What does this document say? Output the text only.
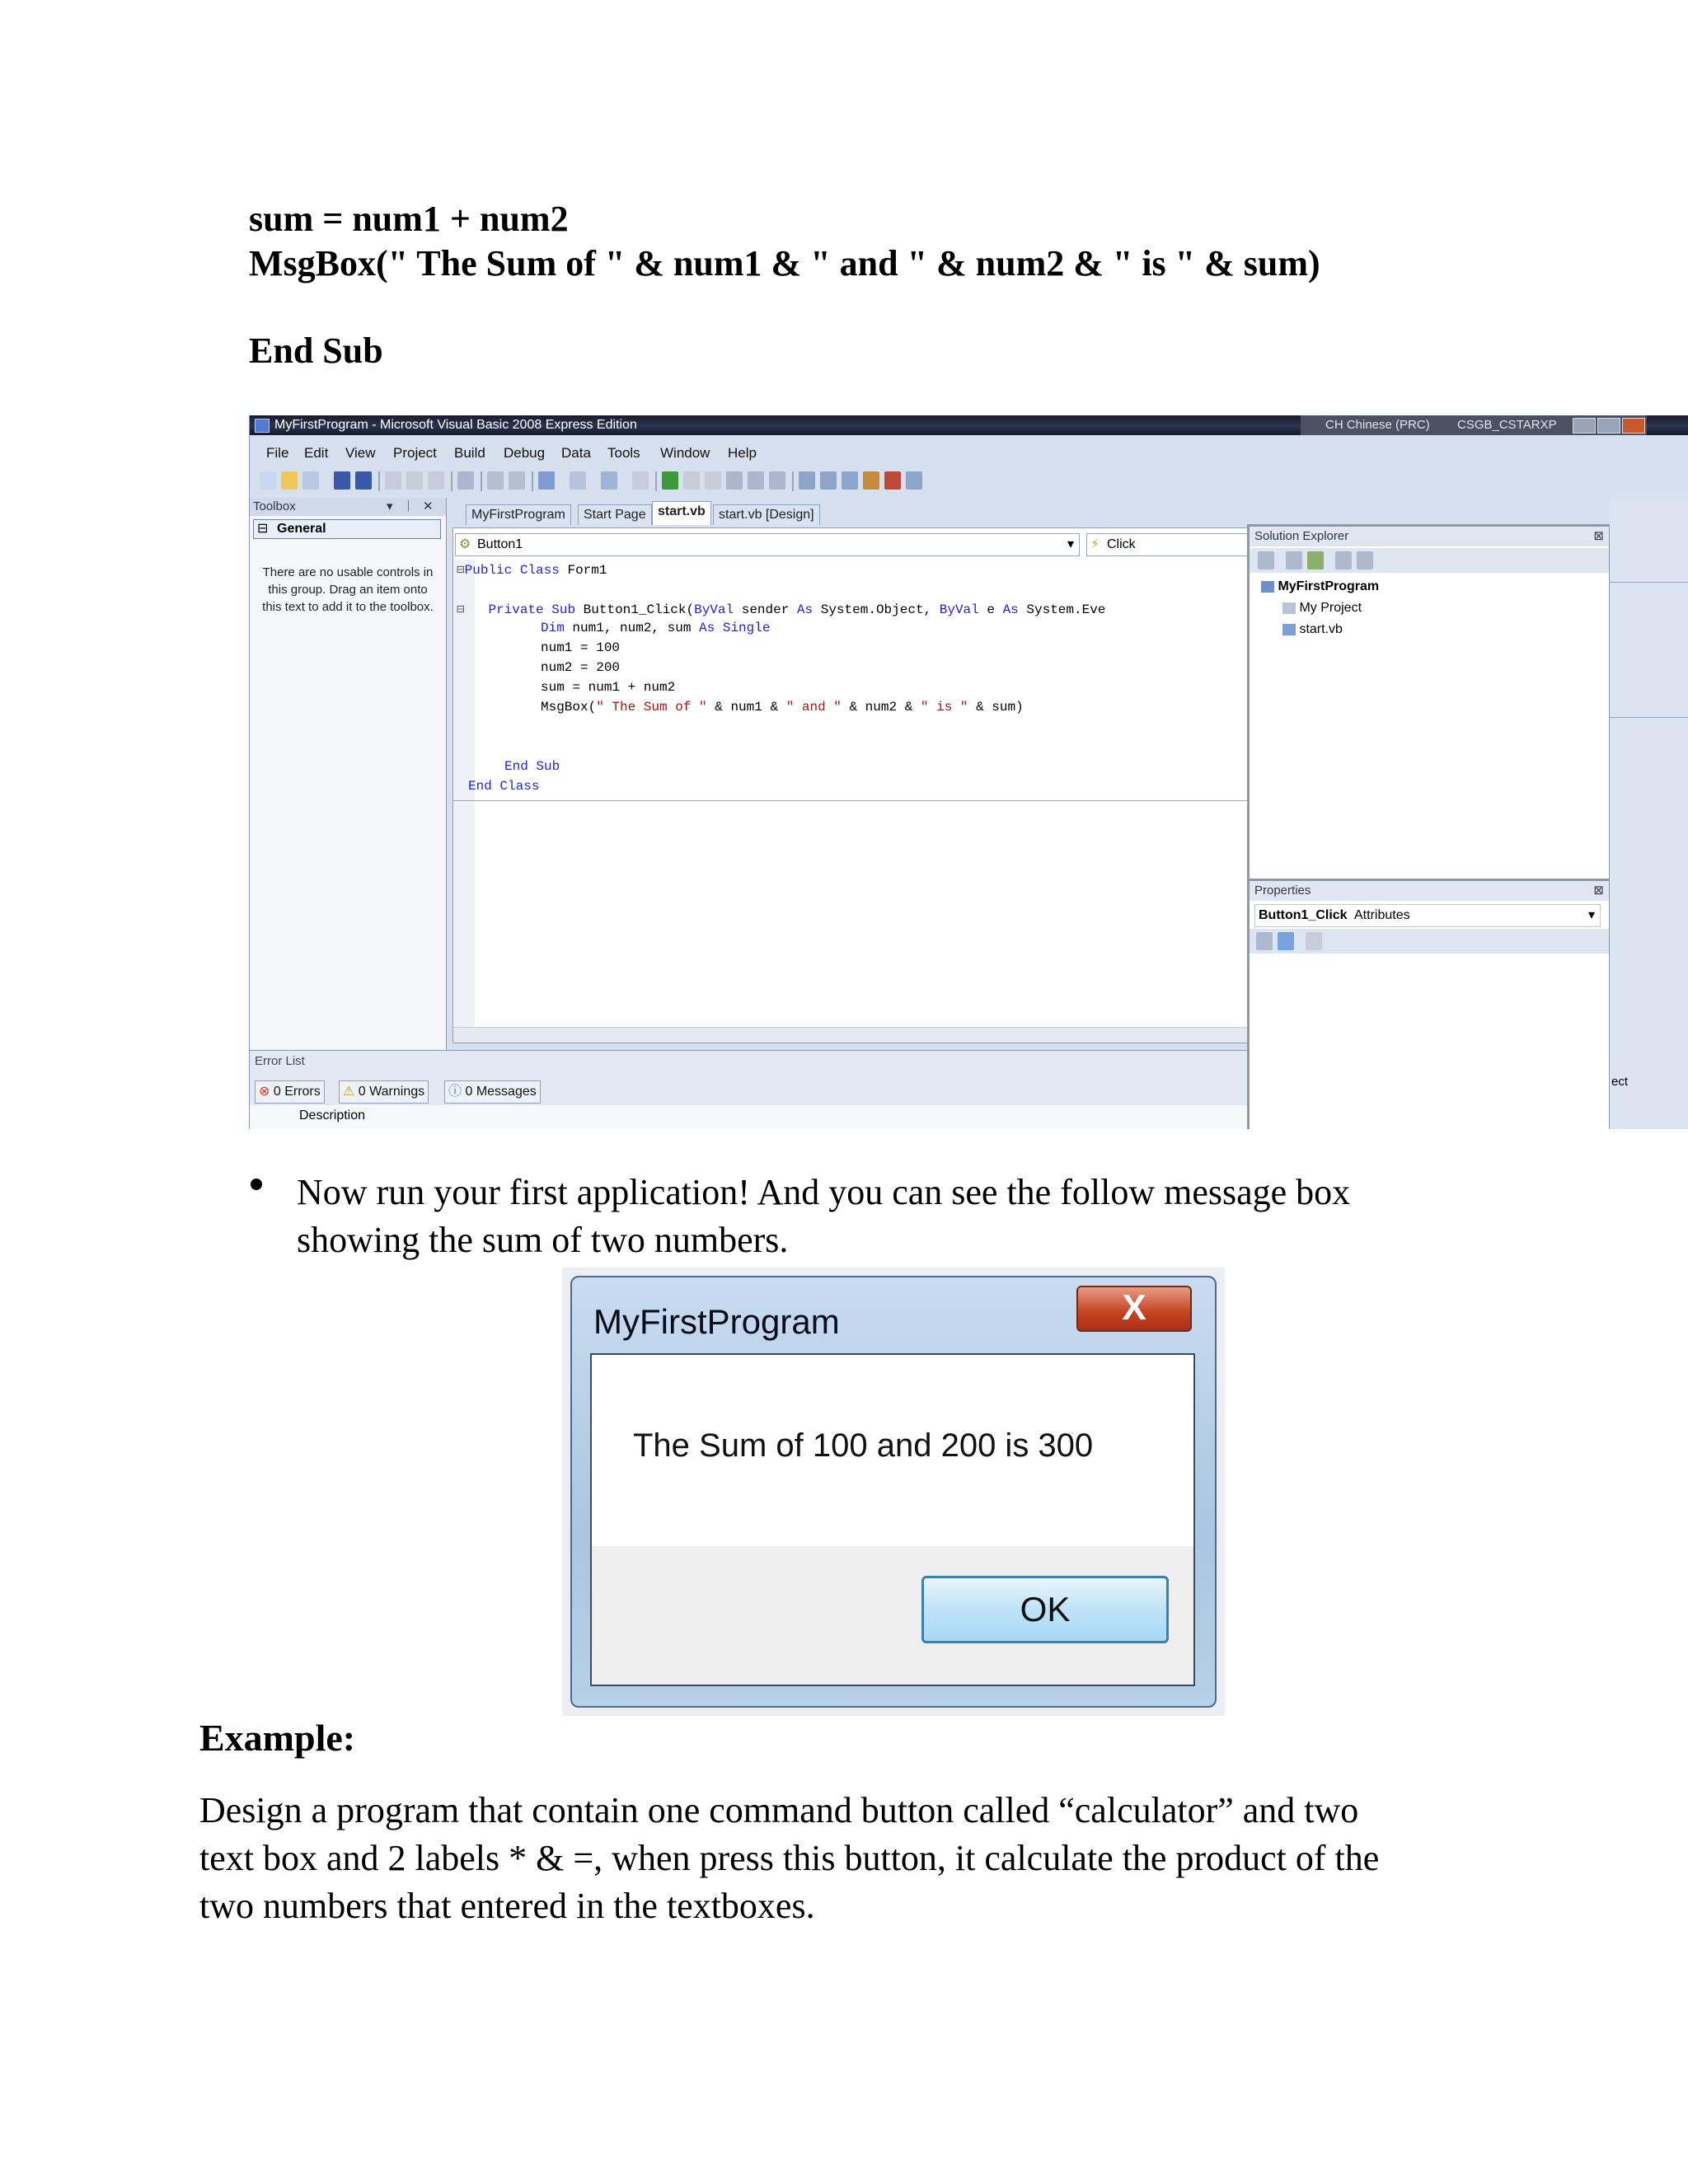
sum = num1 + num2
MsgBox(" The Sum of " & num1 & " and " & num2 & " is " & sum)
End Sub
MyFirstProgram - Microsoft Visual Basic 2008 Express Edition	CH Chinese (PRC) CSGB_CSTARXP
File Edit View Project Build Debug Data Tools Window Help
Toolbox	▾ ᛁ ✕
⊟ General
There are no usable controls in this group. Drag an item onto this text to add it to the toolbox.
MyFirstProgram	Start Page start.vb	start.vb [Design]
⚙ Button1	▾ ⚡ Click
⊟Public Class Form1
⊟   Private Sub Button1_Click(ByVal sender As System.Object, ByVal e As System.Eve
Dim num1, num2, sum As Single
num1 = 100
num2 = 200
sum = num1 + num2
MsgBox(" The Sum of " & num1 & " and " & num2 & " is " & sum)
End Sub
End Class
Solution Explorer	⊠
MyFirstProgram
My Project
start.vb
Properties	⊠
Button1_Click Attributes	▾
ect
Error List
⊗ 0 Errors	⚠ 0 Warnings	ⓘ 0 Messages
Description
Now run your first application! And you can see the follow message box
showing the sum of two numbers.
MyFirstProgram	X
The Sum of 100 and 200 is 300
OK
Example:
Design a program that contain one command button called “calculator” and two
text box and 2 labels * & =, when press this button, it calculate the product of the
two numbers that entered in the textboxes.
